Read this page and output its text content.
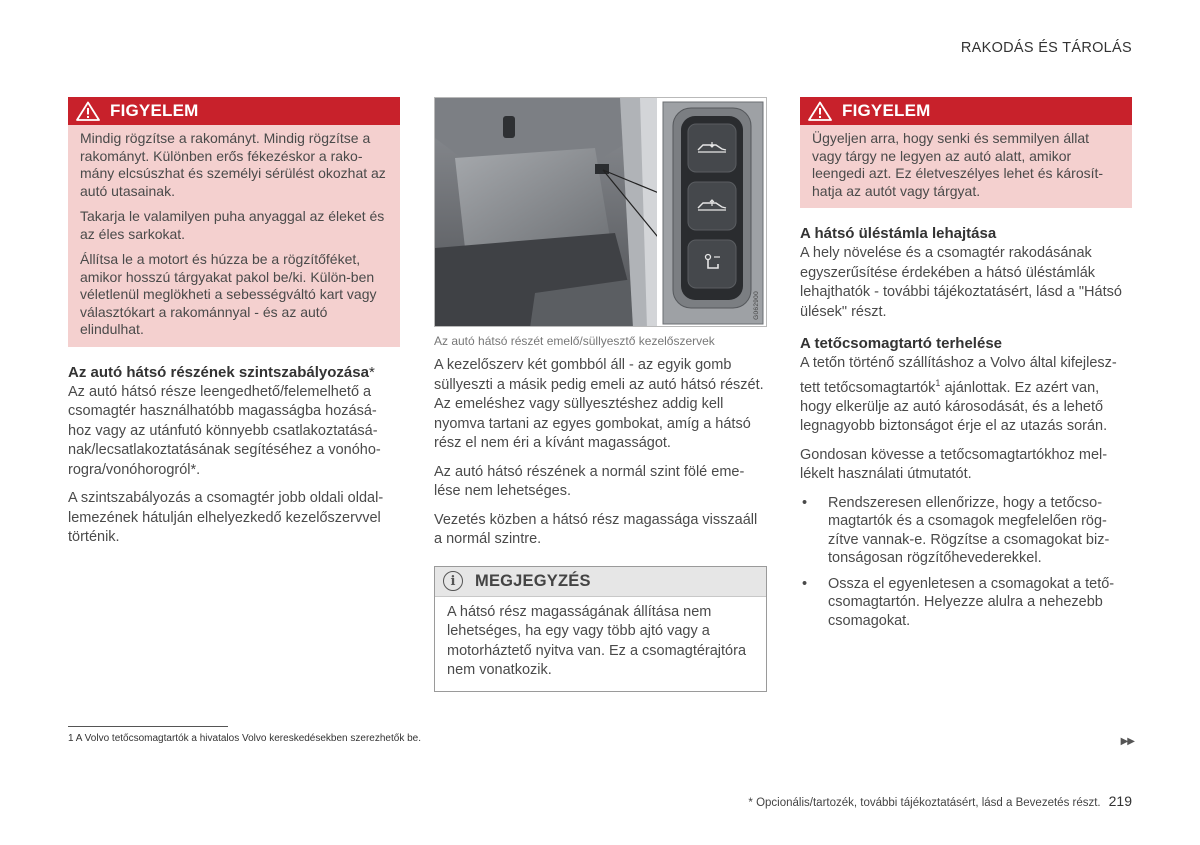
RAKODÁS ÉS TÁROLÁS
FIGYELEM

Mindig rögzítse a rakományt. Mindig rögzítse a rakományt. Különben erős fékezéskor a rako-mány elcsúszhat és személyi sérülést okozhat az autó utasainak.

Takarja le valamilyen puha anyaggal az éleket és az éles sarkokat.

Állítsa le a motort és húzza be a rögzítőféket, amikor hosszú tárgyakat pakol be/ki. Külön-ben véletlenül meglökheti a sebességváltó kart vagy választókart a rakománnyal - és az autó elindulhat.

Az autó hátsó részének szintszabályozása*

Az autó hátsó része leengedhető/felemelhető a csomagtér használhatóbb magasságba hozásá-hoz vagy az utánfutó könnyebb csatlakoztatásá-nak/lecsatlakoztatásának segítéséhez a vonóho-rogra/vonóhorogról*.

A szintszabályozás a csomagtér jobb oldali oldal-lemezének hátulján elhelyezkedő kezelőszervvel történik.

G062900
Az autó hátsó részét emelő/süllyesztő kezelőszervek

A kezelőszerv két gombból áll - az egyik gomb süllyeszti a másik pedig emeli az autó hátsó részét. Az emeléshez vagy süllyesztéshez addig kell nyomva tartani az egyes gombokat, amíg a hátsó rész el nem éri a kívánt magasságot.

Az autó hátsó részének a normál szint fölé eme-lése nem lehetséges.

Vezetés közben a hátsó rész magassága visszaáll a normál szintre.

i	MEGJEGYZÉS

A hátsó rész magasságának állítása nem lehetséges, ha egy vagy több ajtó vagy a motorháztető nyitva van. Ez a csomagtérajtóra nem vonatkozik.

FIGYELEM

Ügyeljen arra, hogy senki és semmilyen állat vagy tárgy ne legyen az autó alatt, amikor leengedi azt. Ez életveszélyes lehet és károsít-hatja az autót vagy tárgyat.

A hátsó üléstámla lehajtása

A hely növelése és a csomagtér rakodásának egyszerűsítése érdekében a hátsó üléstámlák lehajthatók - további tájékoztatásért, lásd a "Hátsó ülések" részt.

A tetőcsomagtartó terhelése

A tetőn történő szállításhoz a Volvo által kifejlesz-tett tetőcsomagtartók$^1$ ajánlottak. Ez azért van, hogy elkerülje az autó károsodását, és a lehető legnagyobb biztonságot érje el az utazás során.

Gondosan kövesse a tetőcsomagtartókhoz mel-lékelt használati útmutatót.

• Rendszeresen ellenőrizze, hogy a tetőcso-magtartók és a csomagok megfelelően rög-zítve vannak-e. Rögzítse a csomagokat biz-tonságosan rögzítőhevederekkel.
• Ossza el egyenletesen a csomagokat a tető-csomagtartón. Helyezze alulra a nehezebb csomagokat.
1 A Volvo tetőcsomagtartók a hivatalos Volvo kereskedésekben szerezhetők be.	▶▶
* Opcionális/tartozék, további tájékoztatásért, lásd a Bevezetés részt. 219
